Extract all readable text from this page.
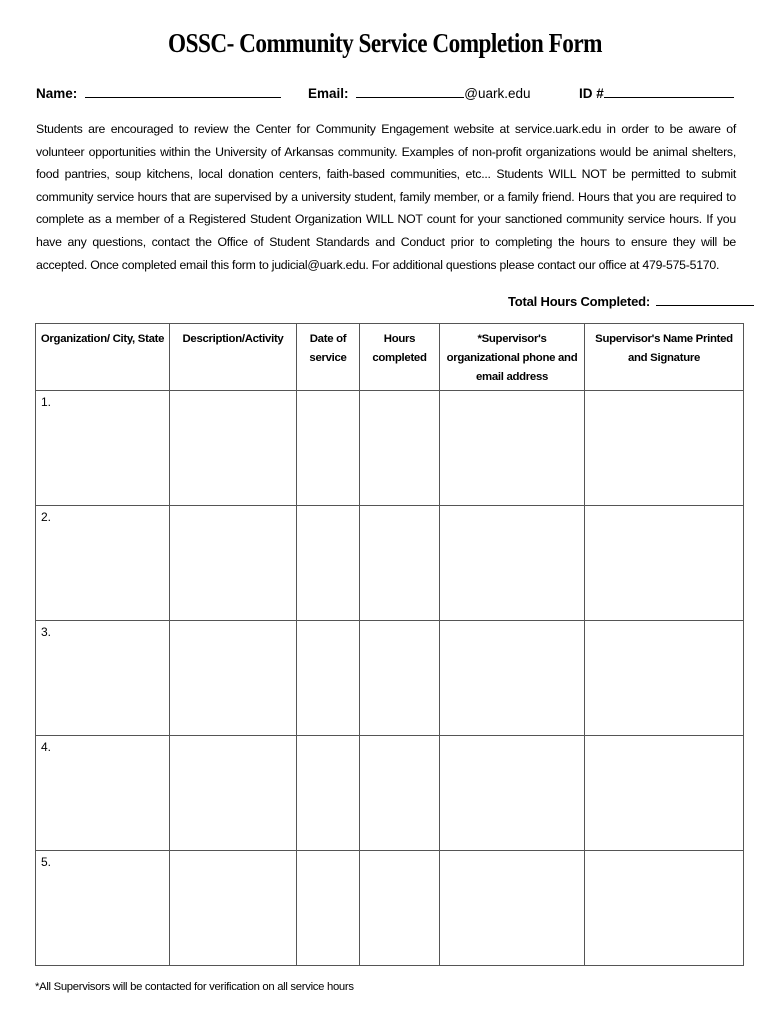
OSSC- Community Service Completion Form
Name:	Email:	@uark.edu	ID #
Students are encouraged to review the Center for Community Engagement website at service.uark.edu in order to be aware of volunteer opportunities within the University of Arkansas community. Examples of non-profit organizations would be animal shelters, food pantries, soup kitchens, local donation centers, faith-based communities, etc... Students WILL NOT be permitted to submit community service hours that are supervised by a university student, family member, or a family friend. Hours that you are required to complete as a member of a Registered Student Organization WILL NOT count for your sanctioned community service hours. If you have any questions, contact the Office of Student Standards and Conduct prior to completing the hours to ensure they will be accepted. Once completed email this form to judicial@uark.edu. For additional questions please contact our office at 479-575-5170.
Total Hours Completed:
Organization/ City, State	Description/Activity	Date of service	Hours completed	*Supervisor's organizational phone and email address	Supervisor's Name Printed and Signature
1.					
2.					
3.					
4.					
5.					
*All Supervisors will be contacted for verification on all service hours
